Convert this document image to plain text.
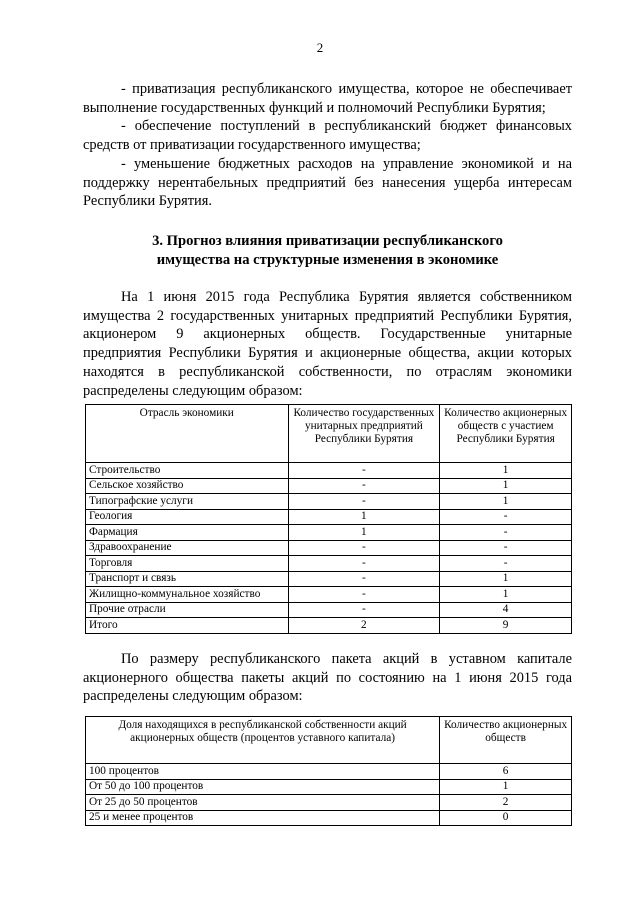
2

- приватизация республиканского имущества, которое не обеспечивает выполнение государственных функций и полномочий Республики Бурятия;

- обеспечение поступлений в республиканский бюджет финансовых средств от приватизации государственного имущества;

- уменьшение бюджетных расходов на управление экономикой и на поддержку нерентабельных предприятий без нанесения ущерба интересам Республики Бурятия.

3. Прогноз влияния приватизации республиканского
имущества на структурные изменения в экономике

На 1 июня 2015 года Республика Бурятия является собственником имущества 2 государственных унитарных предприятий Республики Бурятия, акционером 9 акционерных обществ. Государственные унитарные предприятия Республики Бурятия и акционерные общества, акции которых находятся в республиканской собственности, по отраслям экономики распределены следующим образом:

Отрасль экономики	Количество государственных унитарных предприятий Республики Бурятия	Количество акционерных обществ с участием Республики Бурятия
Строительство	-	1
Сельское хозяйство	-	1
Типографские услуги	-	1
Геология	1	-
Фармация	1	-
Здравоохранение	-	-
Торговля	-	-
Транспорт и связь	-	1
Жилищно-коммунальное хозяйство	-	1
Прочие отрасли	-	4
Итого	2	9

По размеру республиканского пакета акций в уставном капитале акционерного общества пакеты акций по состоянию на 1 июня 2015 года распределены следующим образом:

Доля находящихся в республиканской собственности акций акционерных обществ (процентов уставного капитала)	Количество акционерных обществ
100 процентов	6
От 50 до 100 процентов	1
От 25 до 50 процентов	2
25 и менее процентов	0
